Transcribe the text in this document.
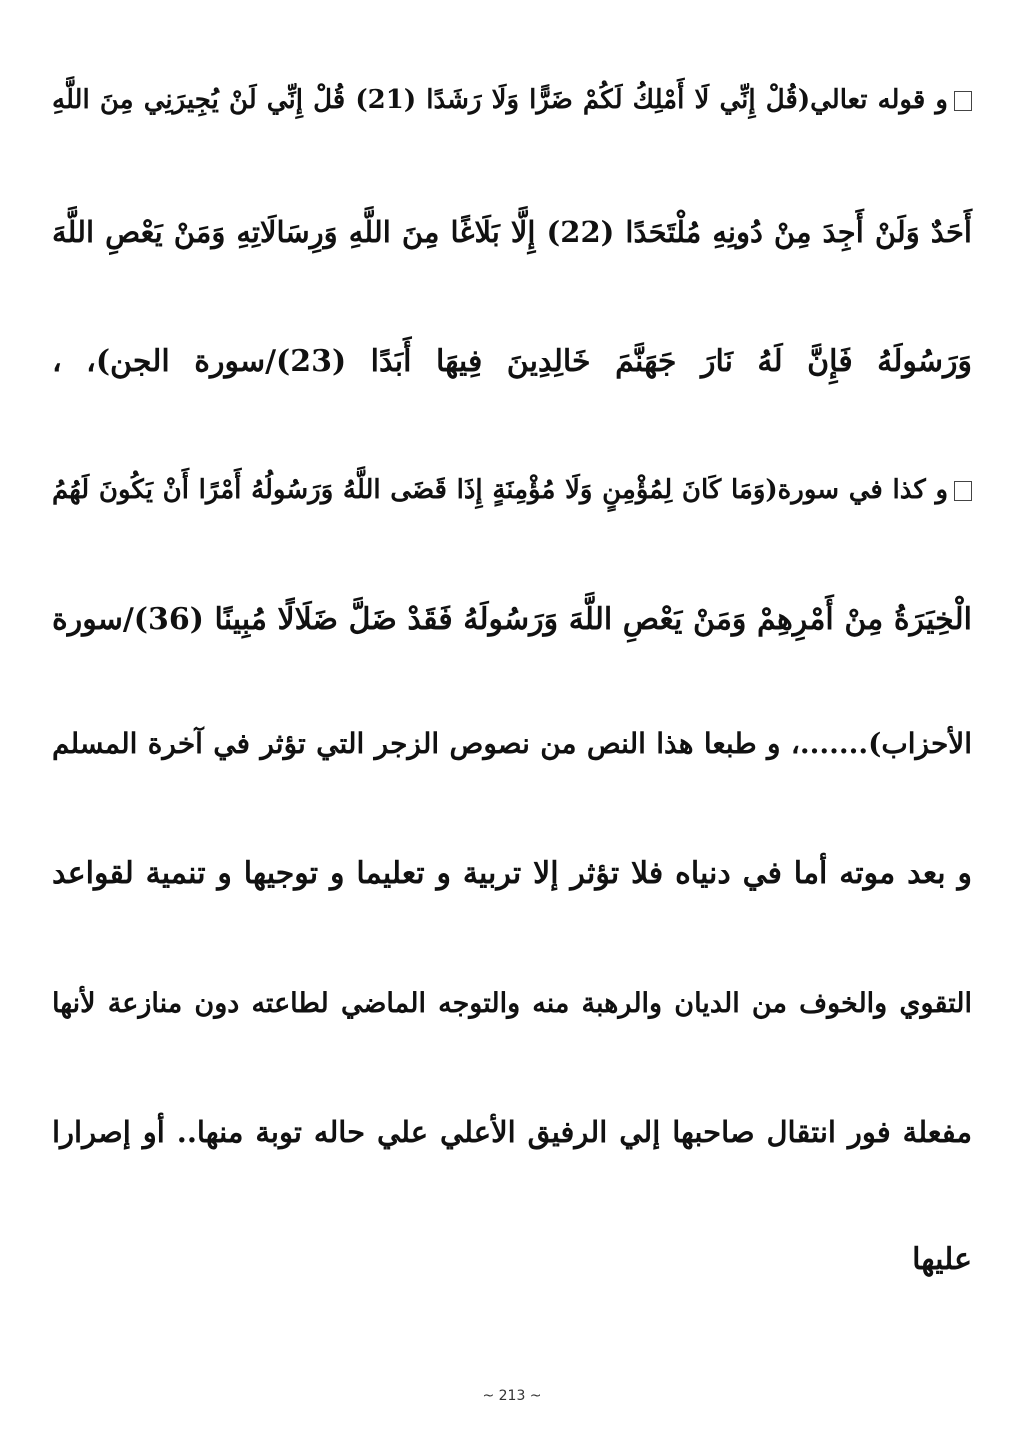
و قوله تعالي(قُلْ إِنِّي لَا أَمْلِكُ لَكُمْ ضَرًّا وَلَا رَشَدًا (21) قُلْ إِنِّي لَنْ يُجِيرَنِي مِنَ اللَّهِ
أَحَدٌ وَلَنْ أَجِدَ مِنْ دُونِهِ مُلْتَحَدًا (22) إِلَّا بَلَاغًا مِنَ اللَّهِ وَرِسَالَاتِهِ وَمَنْ يَعْصِ اللَّهَ
وَرَسُولَهُ فَإِنَّ لَهُ نَارَ جَهَنَّمَ خَالِدِينَ فِيهَا أَبَدًا (23)/سورة الجن)، ،
و كذا في سورة(وَمَا كَانَ لِمُؤْمِنٍ وَلَا مُؤْمِنَةٍ إِذَا قَضَى اللَّهُ وَرَسُولُهُ أَمْرًا أَنْ يَكُونَ لَهُمُ
الْخِيَرَةُ مِنْ أَمْرِهِمْ وَمَنْ يَعْصِ اللَّهَ وَرَسُولَهُ فَقَدْ ضَلَّ ضَلَالًا مُبِينًا (36)/سورة
الأحزاب).......، و طبعا هذا النص من نصوص الزجر التي تؤثر في آخرة المسلم
و بعد موته أما في دنياه فلا تؤثر إلا تربية و تعليما و توجيها و تنمية لقواعد
التقوي والخوف من الديان والرهبة منه والتوجه الماضي لطاعته دون منازعة لأنها
مفعلة فور انتقال صاحبها إلي الرفيق الأعلي علي حاله توبة منها.. أو إصرارا
عليها
~ 213 ~
